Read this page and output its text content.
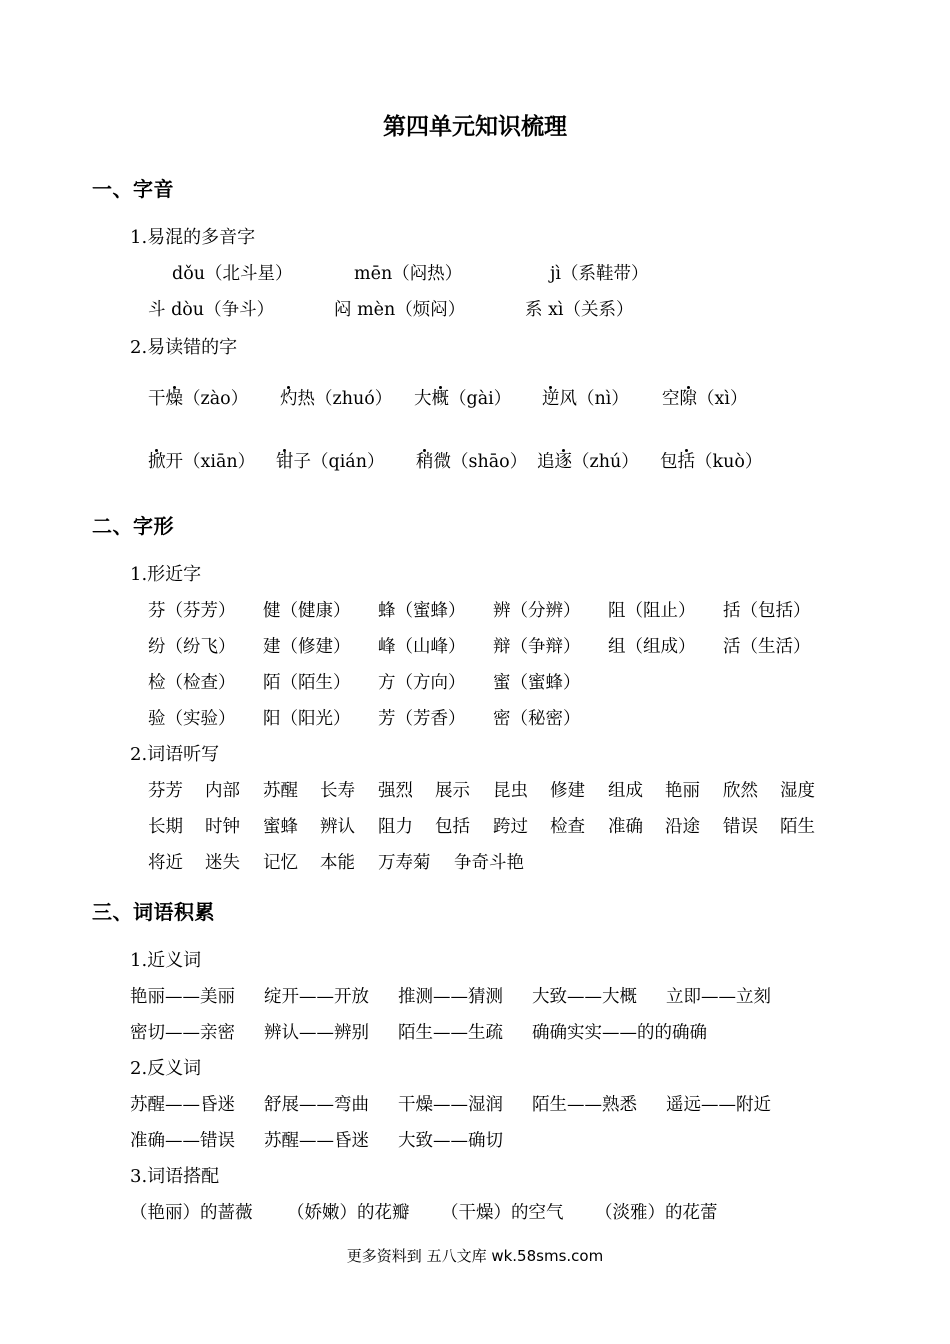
第四单元知识梳理
一、字音
1.易混的多音字
dǒu（北斗星）	mēn（闷热）	jì（系鞋带）
斗 dòu（争斗）	闷 mèn（烦闷）	系 xì（关系）
2.易读错的字
干燥（zào） 灼热（zhuó） 大概（gài） 逆风（nì） 空隙（xì）
掀开（xiān） 钳子（qián） 稍微（shāo） 追逐（zhú） 包括（kuò）
二、字形
1.形近字
芬（芬芳） 健（健康） 蜂（蜜蜂） 辨（分辨） 阻（阻止） 括（包括）
纷（纷飞） 建（修建） 峰（山峰） 辩（争辩） 组（组成） 活（生活）
检（检查） 陌（陌生） 方（方向） 蜜（蜜蜂）
验（实验） 阳（阳光） 芳（芳香） 密（秘密）
2.词语听写
芬芳 内部 苏醒 长寿 强烈 展示 昆虫 修建 组成 艳丽 欣然 湿度
长期 时钟 蜜蜂 辨认 阻力 包括 跨过 检查 准确 沿途 错误 陌生
将近 迷失 记忆 本能 万寿菊 争奇斗艳
三、词语积累
1.近义词
艳丽——美丽 绽开——开放 推测——猜测 大致——大概 立即——立刻
密切——亲密 辨认——辨别 陌生——生疏 确确实实——的的确确
2.反义词
苏醒——昏迷 舒展——弯曲 干燥——湿润 陌生——熟悉 遥远——附近
准确——错误 苏醒——昏迷 大致——确切
3.词语搭配
（艳丽）的蔷薇 （娇嫩）的花瓣 （干燥）的空气 （淡雅）的花蕾
更多资料到 五八文库 wk.58sms.com
